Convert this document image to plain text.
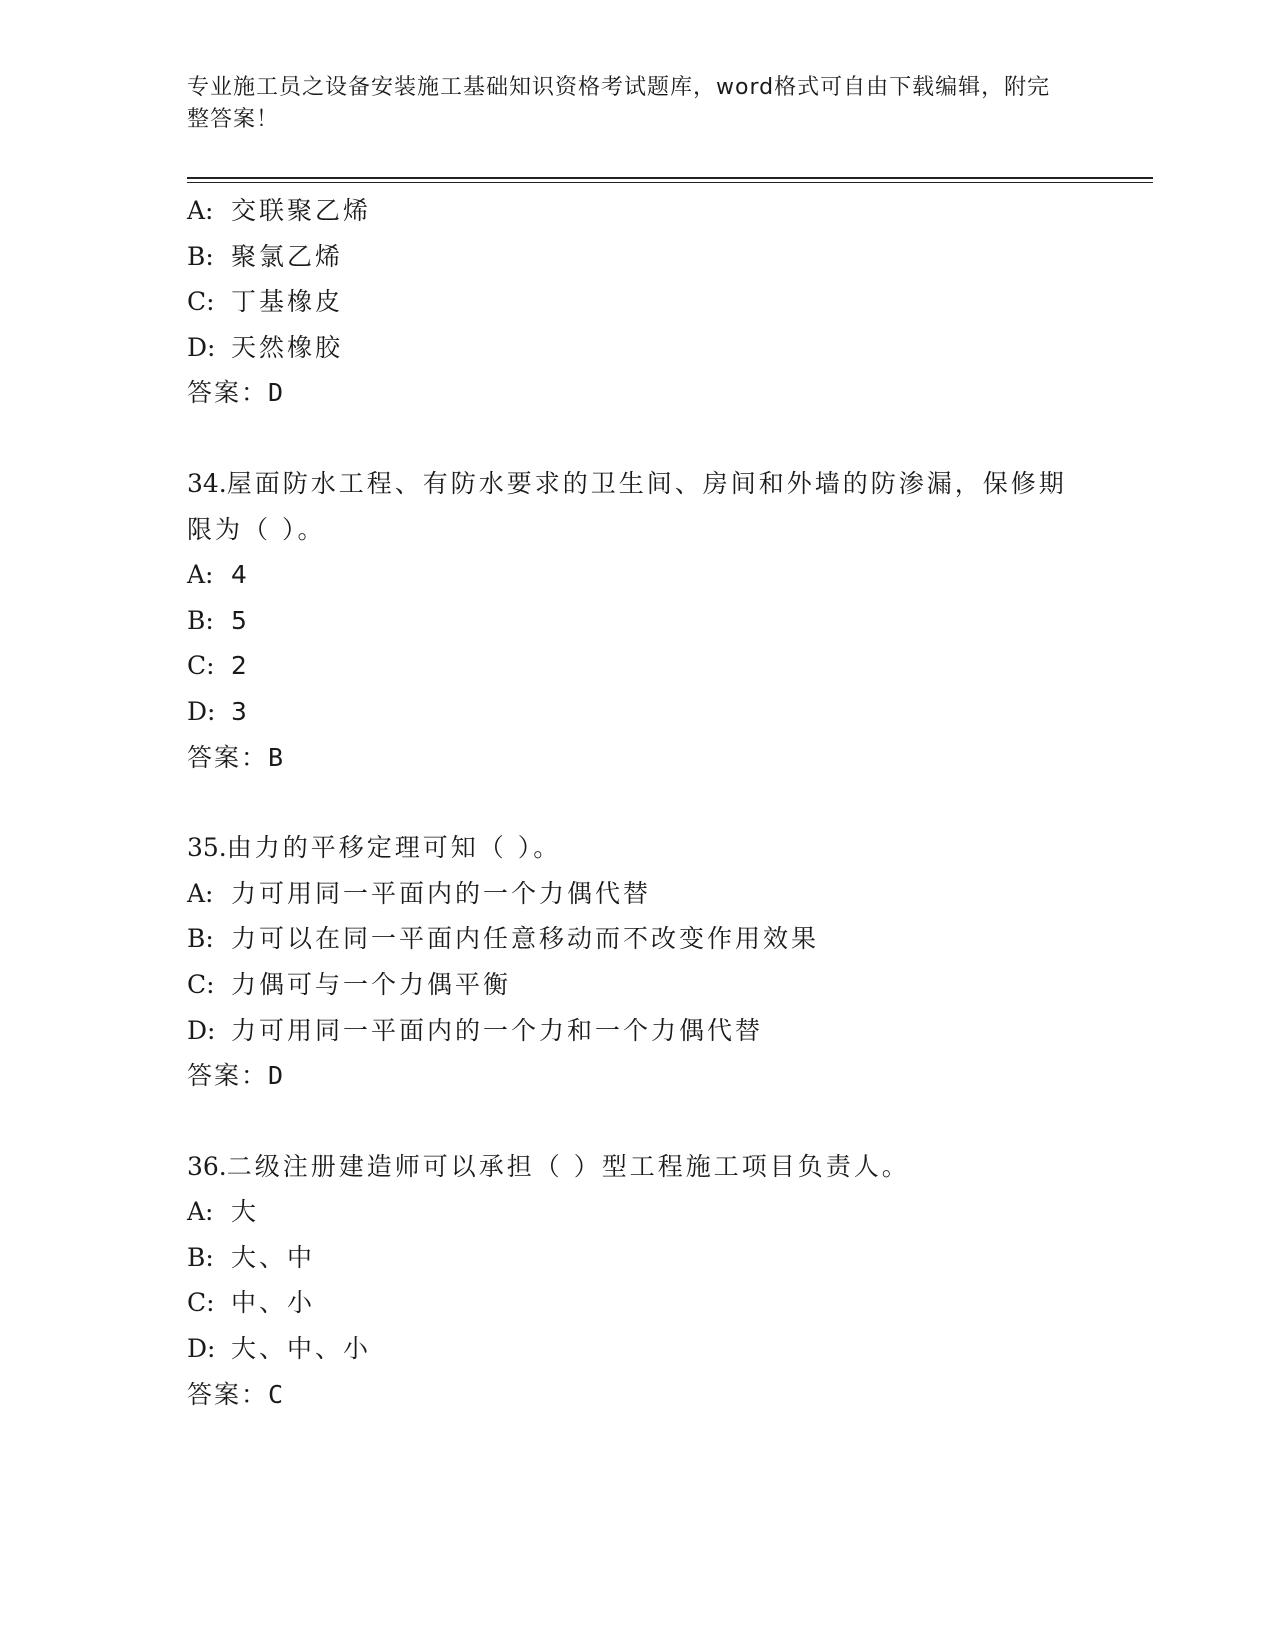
专业施工员之设备安装施工基础知识资格考试题库，word格式可自由下载编辑，附完整答案！
A: 交联聚乙烯
B: 聚氯乙烯
C: 丁基橡皮
D: 天然橡胶
答案：D
34.屋面防水工程、有防水要求的卫生间、房间和外墙的防渗漏，保修期限为（ ）。
A: 4
B: 5
C: 2
D: 3
答案：B
35.由力的平移定理可知（ ）。
A: 力可用同一平面内的一个力偶代替
B: 力可以在同一平面内任意移动而不改变作用效果
C: 力偶可与一个力偶平衡
D: 力可用同一平面内的一个力和一个力偶代替
答案：D
36.二级注册建造师可以承担（ ）型工程施工项目负责人。
A: 大
B: 大、中
C: 中、小
D: 大、中、小
答案：C
